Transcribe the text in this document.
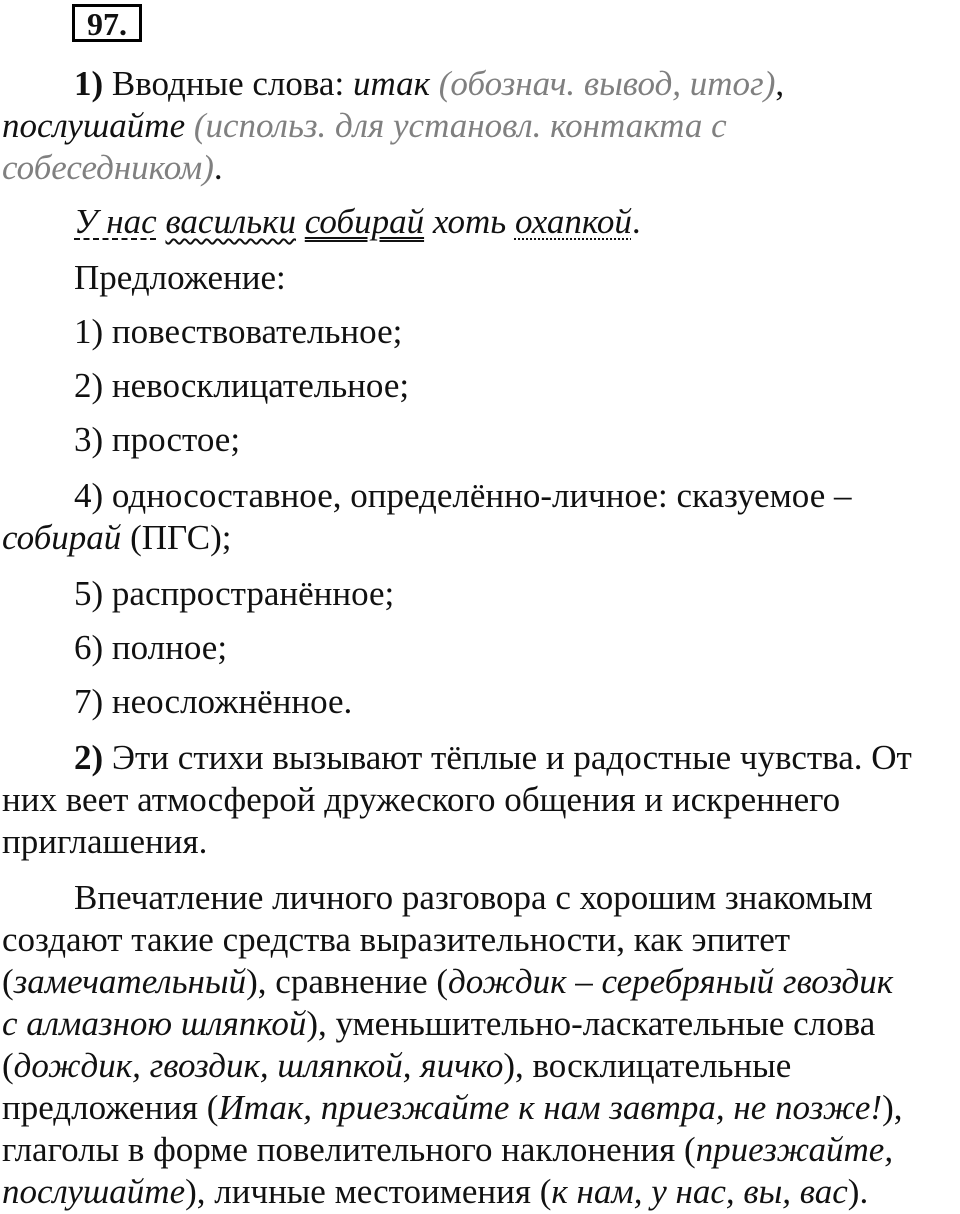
97.
1) Вводные слова: итак (обознач. вывод, итог),
послушайте (использ. для установл. контакта с
собеседником).
У нас васильки собирай хоть охапкой.
Предложение:
1) повествовательное;
2) невосклицательное;
3) простое;
4) односоставное, определённо-личное: сказуемое –
собирай (ПГС);
5) распространённое;
6) полное;
7) неосложнённое.
2) Эти стихи вызывают тёплые и радостные чувства. От
них веет атмосферой дружеского общения и искреннего
приглашения.
Впечатление личного разговора с хорошим знакомым
создают такие средства выразительности, как эпитет
(замечательный), сравнение (дождик – серебряный гвоздик
с алмазною шляпкой), уменьшительно-ласкательные слова
(дождик, гвоздик, шляпкой, яичко), восклицательные
предложения (Итак, приезжайте к нам завтра, не позже!),
глаголы в форме повелительного наклонения (приезжайте,
послушайте), личные местоимения (к нам, у нас, вы, вас).
